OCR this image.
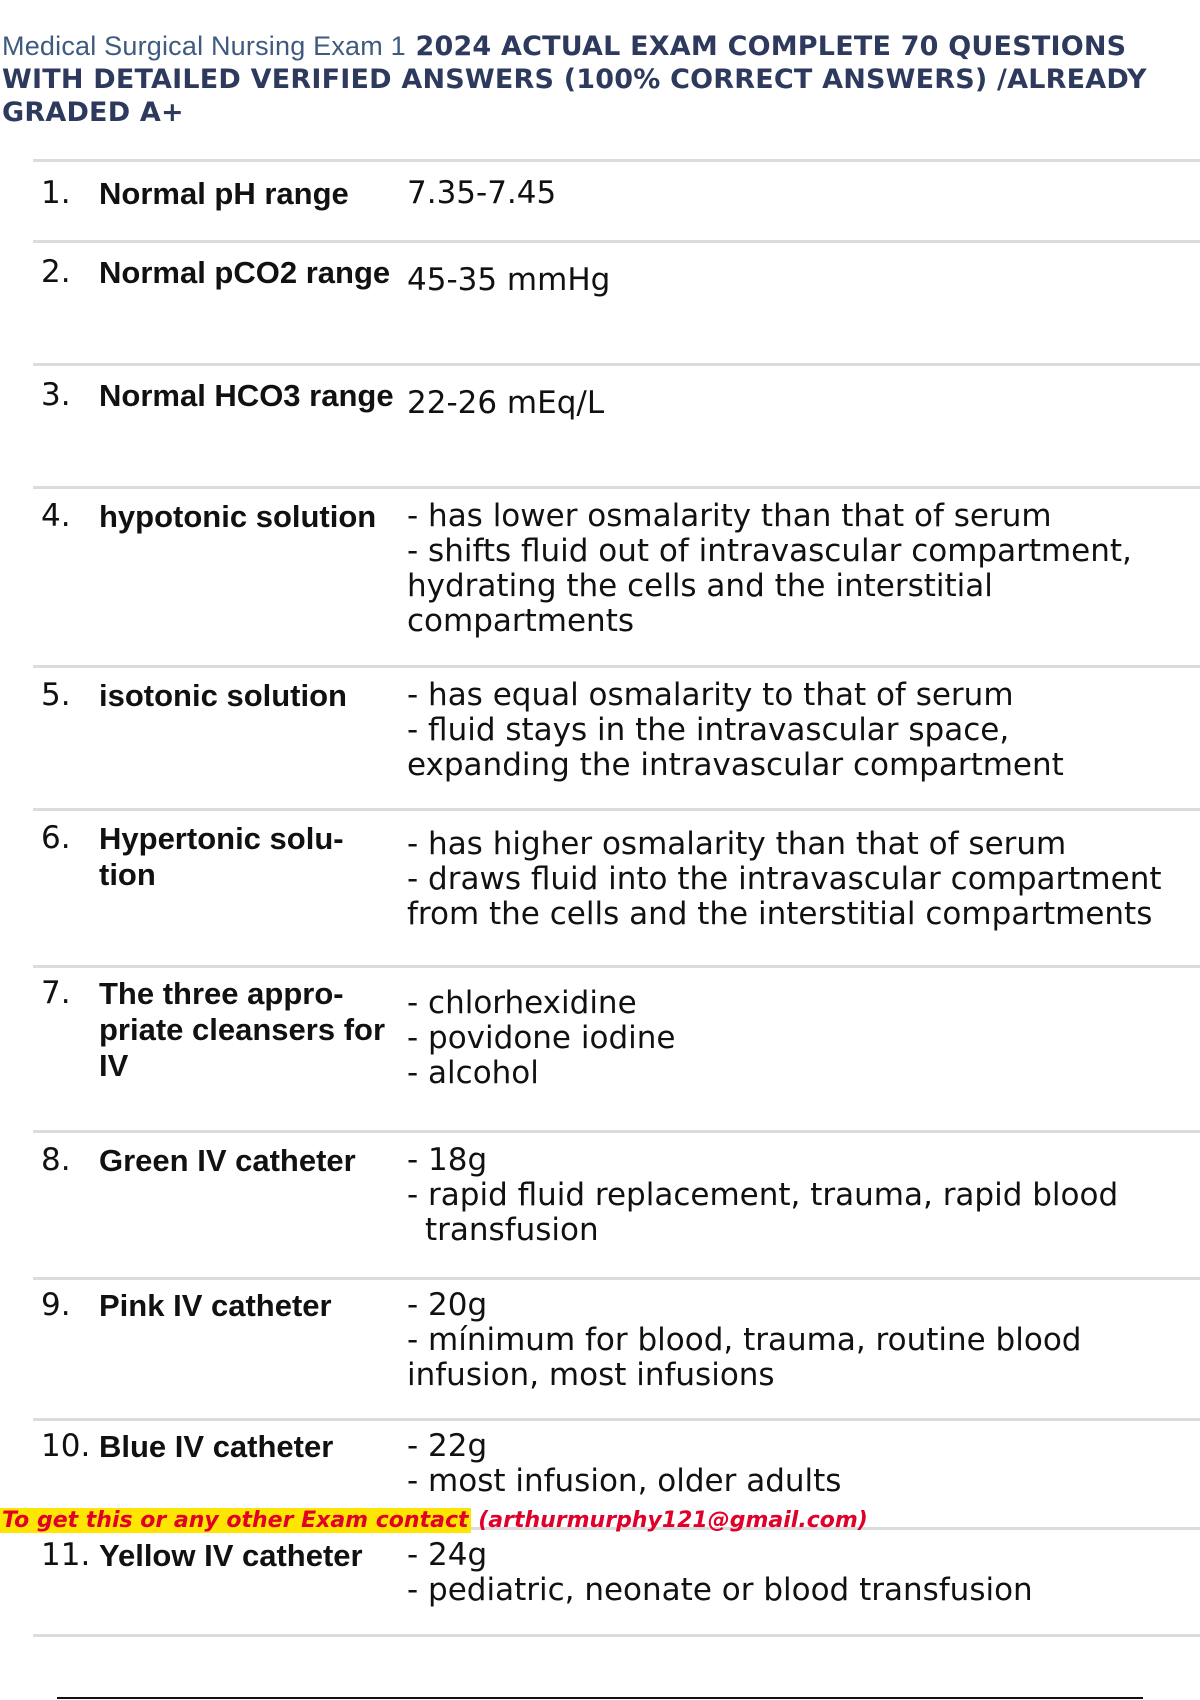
Medical Surgical Nursing Exam 1 2024 ACTUAL EXAM COMPLETE 70 QUESTIONS WITH DETAILED VERIFIED ANSWERS (100% CORRECT ANSWERS) /ALREADY GRADED A+
1.	Normal pH range	7.35-7.45

2.	Normal pCO2 range	45-35 mmHg

3.	Normal HCO3 range	22-26 mEq/L

4.	hypotonic solution	- has lower osmalarity than that of serum
- shifts fluid out of intravascular compartment,
hydrating the cells and the interstitial
compartments

5.	isotonic solution	- has equal osmalarity to that of serum
- fluid stays in the intravascular space,
expanding the intravascular compartment

6.	Hypertonic solu- tion	- has higher osmalarity than that of serum
- draws fluid into the intravascular compartment
from the cells and the interstitial compartments

7.	The three appro- priate cleansers for IV	- chlorhexidine
- povidone iodine
- alcohol

8.	Green IV catheter	- 18g
- rapid fluid replacement, trauma, rapid blood
transfusion

9.	Pink IV catheter	- 20g
- mínimum for blood, trauma, routine blood
infusion, most infusions

10.	Blue IV catheter	- 22g
- most infusion, older adults

11.	Yellow IV catheter	- 24g
- pediatric, neonate or blood transfusion
To get this or any other Exam contact (arthurmurphy121@gmail.com)
